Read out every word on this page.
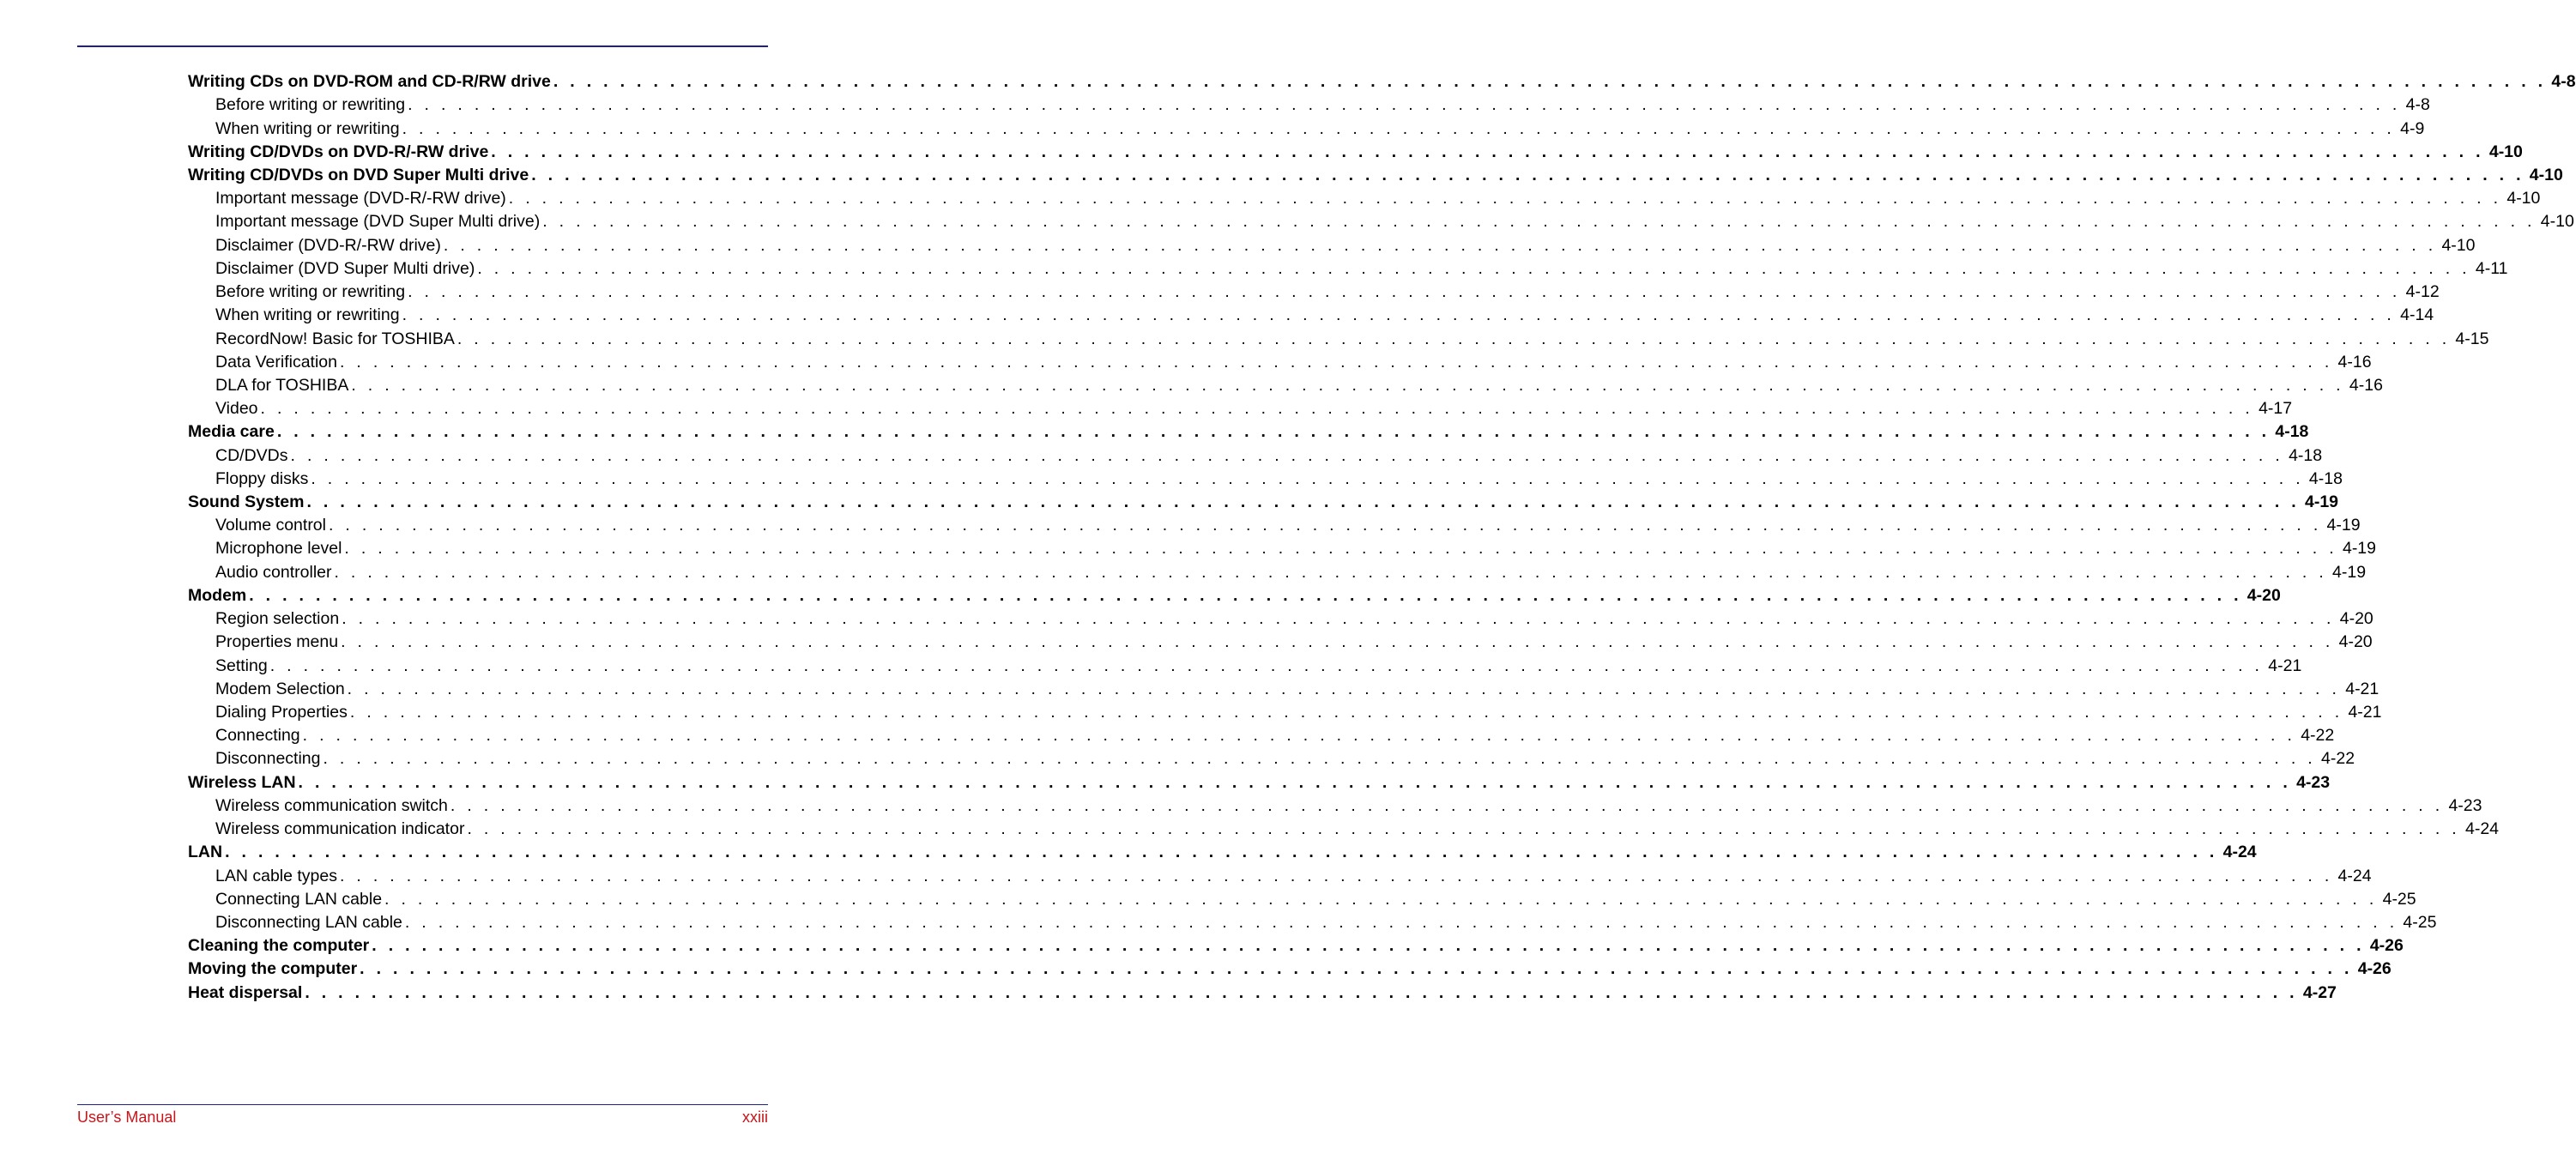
Writing CDs on DVD-ROM and CD-R/RW drive . . . . . . . . . . . . . . . . . . . . . . . . . . . . . . . . . . . . . . . . . . . . . . . . . . . . . . . . . . . . . . . . . . . . . . . . . . . . . . . . . . . . . . . . . . . . . . . . . . . . . . . . . . . . . . . . . . . . . . . . 4-8
Before writing or rewriting . . . . . . . . . . . . . . . . . . . . . . . . . . . . . . . . . . . . . . . . . . . . . . . . . . . . . . . . . . . . . . . . . . . . . . . . . . . . . . . . . . . . . . . . . . . . . . . . . . . . . . . . . . . . . . . . . . . . . . . . 4-8
When writing or rewriting . . . . . . . . . . . . . . . . . . . . . . . . . . . . . . . . . . . . . . . . . . . . . . . . . . . . . . . . . . . . . . . . . . . . . . . . . . . . . . . . . . . . . . . . . . . . . . . . . . . . . . . . . . . . . . . . . . . . . . . . 4-9
Writing CD/DVDs on DVD-R/-RW drive . . . . . . . . . . . . . . . . . . . . . . . . . . . . . . . . . . . . . . . . . . . . . . . . . . . . . . . . . . . . . . . . . . . . . . . . . . . . . . . . . . . . . . . . . . . . . . . . . . . . . . . . . . . . . . . . . . . . . . . . 4-10
Writing CD/DVDs on DVD Super Multi drive . . . . . . . . . . . . . . . . . . . . . . . . . . . . . . . . . . . . . . . . . . . . . . . . . . . . . . . . . . . . . . . . . . . . . . . . . . . . . . . . . . . . . . . . . . . . . . . . . . . . . . . . . . . . . . . . . . . . . . . . 4-10
Important message (DVD-R/-RW drive) . . . . . . . . . . . . . . . . . . . . . . . . . . . . . . . . . . . . . . . . . . . . . . . . . . . . . . . . . . . . . . . . . . . . . . . . . . . . . . . . . . . . . . . . . . . . . . . . . . . . . . . . . . . . . . . . . . . . . . . . 4-10
Important message (DVD Super Multi drive) . . . . . . . . . . . . . . . . . . . . . . . . . . . . . . . . . . . . . . . . . . . . . . . . . . . . . . . . . . . . . . . . . . . . . . . . . . . . . . . . . . . . . . . . . . . . . . . . . . . . . . . . . . . . . . . . . . . . . . . . 4-10
Disclaimer (DVD-R/-RW drive) . . . . . . . . . . . . . . . . . . . . . . . . . . . . . . . . . . . . . . . . . . . . . . . . . . . . . . . . . . . . . . . . . . . . . . . . . . . . . . . . . . . . . . . . . . . . . . . . . . . . . . . . . . . . . . . . . . . . . . . . 4-10
Disclaimer (DVD Super Multi drive) . . . . . . . . . . . . . . . . . . . . . . . . . . . . . . . . . . . . . . . . . . . . . . . . . . . . . . . . . . . . . . . . . . . . . . . . . . . . . . . . . . . . . . . . . . . . . . . . . . . . . . . . . . . . . . . . . . . . . . . . 4-11
Before writing or rewriting . . . . . . . . . . . . . . . . . . . . . . . . . . . . . . . . . . . . . . . . . . . . . . . . . . . . . . . . . . . . . . . . . . . . . . . . . . . . . . . . . . . . . . . . . . . . . . . . . . . . . . . . . . . . . . . . . . . . . . . . 4-12
When writing or rewriting . . . . . . . . . . . . . . . . . . . . . . . . . . . . . . . . . . . . . . . . . . . . . . . . . . . . . . . . . . . . . . . . . . . . . . . . . . . . . . . . . . . . . . . . . . . . . . . . . . . . . . . . . . . . . . . . . . . . . . . . 4-14
RecordNow! Basic for TOSHIBA . . . . . . . . . . . . . . . . . . . . . . . . . . . . . . . . . . . . . . . . . . . . . . . . . . . . . . . . . . . . . . . . . . . . . . . . . . . . . . . . . . . . . . . . . . . . . . . . . . . . . . . . . . . . . . . . . . . . . . . . 4-15
Data Verification . . . . . . . . . . . . . . . . . . . . . . . . . . . . . . . . . . . . . . . . . . . . . . . . . . . . . . . . . . . . . . . . . . . . . . . . . . . . . . . . . . . . . . . . . . . . . . . . . . . . . . . . . . . . . . . . . . . . . . . . 4-16
DLA for TOSHIBA . . . . . . . . . . . . . . . . . . . . . . . . . . . . . . . . . . . . . . . . . . . . . . . . . . . . . . . . . . . . . . . . . . . . . . . . . . . . . . . . . . . . . . . . . . . . . . . . . . . . . . . . . . . . . . . . . . . . . . . . 4-16
Video . . . . . . . . . . . . . . . . . . . . . . . . . . . . . . . . . . . . . . . . . . . . . . . . . . . . . . . . . . . . . . . . . . . . . . . . . . . . . . . . . . . . . . . . . . . . . . . . . . . . . . . . . . . . . . . . . . . . . . . . 4-17
Media care . . . . . . . . . . . . . . . . . . . . . . . . . . . . . . . . . . . . . . . . . . . . . . . . . . . . . . . . . . . . . . . . . . . . . . . . . . . . . . . . . . . . . . . . . . . . . . . . . . . . . . . . . . . . . . . . . . . . . . . . 4-18
CD/DVDs . . . . . . . . . . . . . . . . . . . . . . . . . . . . . . . . . . . . . . . . . . . . . . . . . . . . . . . . . . . . . . . . . . . . . . . . . . . . . . . . . . . . . . . . . . . . . . . . . . . . . . . . . . . . . . . . . . . . . . . . 4-18
Floppy disks . . . . . . . . . . . . . . . . . . . . . . . . . . . . . . . . . . . . . . . . . . . . . . . . . . . . . . . . . . . . . . . . . . . . . . . . . . . . . . . . . . . . . . . . . . . . . . . . . . . . . . . . . . . . . . . . . . . . . . . . 4-18
Sound System . . . . . . . . . . . . . . . . . . . . . . . . . . . . . . . . . . . . . . . . . . . . . . . . . . . . . . . . . . . . . . . . . . . . . . . . . . . . . . . . . . . . . . . . . . . . . . . . . . . . . . . . . . . . . . . . . . . . . . . . 4-19
Volume control . . . . . . . . . . . . . . . . . . . . . . . . . . . . . . . . . . . . . . . . . . . . . . . . . . . . . . . . . . . . . . . . . . . . . . . . . . . . . . . . . . . . . . . . . . . . . . . . . . . . . . . . . . . . . . . . . . . . . . . . 4-19
Microphone level . . . . . . . . . . . . . . . . . . . . . . . . . . . . . . . . . . . . . . . . . . . . . . . . . . . . . . . . . . . . . . . . . . . . . . . . . . . . . . . . . . . . . . . . . . . . . . . . . . . . . . . . . . . . . . . . . . . . . . . . 4-19
Audio controller . . . . . . . . . . . . . . . . . . . . . . . . . . . . . . . . . . . . . . . . . . . . . . . . . . . . . . . . . . . . . . . . . . . . . . . . . . . . . . . . . . . . . . . . . . . . . . . . . . . . . . . . . . . . . . . . . . . . . . . . 4-19
Modem . . . . . . . . . . . . . . . . . . . . . . . . . . . . . . . . . . . . . . . . . . . . . . . . . . . . . . . . . . . . . . . . . . . . . . . . . . . . . . . . . . . . . . . . . . . . . . . . . . . . . . . . . . . . . . . . . . . . . . . . 4-20
Region selection . . . . . . . . . . . . . . . . . . . . . . . . . . . . . . . . . . . . . . . . . . . . . . . . . . . . . . . . . . . . . . . . . . . . . . . . . . . . . . . . . . . . . . . . . . . . . . . . . . . . . . . . . . . . . . . . . . . . . . . . 4-20
Properties menu . . . . . . . . . . . . . . . . . . . . . . . . . . . . . . . . . . . . . . . . . . . . . . . . . . . . . . . . . . . . . . . . . . . . . . . . . . . . . . . . . . . . . . . . . . . . . . . . . . . . . . . . . . . . . . . . . . . . . . . . 4-20
Setting . . . . . . . . . . . . . . . . . . . . . . . . . . . . . . . . . . . . . . . . . . . . . . . . . . . . . . . . . . . . . . . . . . . . . . . . . . . . . . . . . . . . . . . . . . . . . . . . . . . . . . . . . . . . . . . . . . . . . . . . 4-21
Modem Selection . . . . . . . . . . . . . . . . . . . . . . . . . . . . . . . . . . . . . . . . . . . . . . . . . . . . . . . . . . . . . . . . . . . . . . . . . . . . . . . . . . . . . . . . . . . . . . . . . . . . . . . . . . . . . . . . . . . . . . . . 4-21
Dialing Properties . . . . . . . . . . . . . . . . . . . . . . . . . . . . . . . . . . . . . . . . . . . . . . . . . . . . . . . . . . . . . . . . . . . . . . . . . . . . . . . . . . . . . . . . . . . . . . . . . . . . . . . . . . . . . . . . . . . . . . . . 4-21
Connecting . . . . . . . . . . . . . . . . . . . . . . . . . . . . . . . . . . . . . . . . . . . . . . . . . . . . . . . . . . . . . . . . . . . . . . . . . . . . . . . . . . . . . . . . . . . . . . . . . . . . . . . . . . . . . . . . . . . . . . . . 4-22
Disconnecting . . . . . . . . . . . . . . . . . . . . . . . . . . . . . . . . . . . . . . . . . . . . . . . . . . . . . . . . . . . . . . . . . . . . . . . . . . . . . . . . . . . . . . . . . . . . . . . . . . . . . . . . . . . . . . . . . . . . . . . . 4-22
Wireless LAN . . . . . . . . . . . . . . . . . . . . . . . . . . . . . . . . . . . . . . . . . . . . . . . . . . . . . . . . . . . . . . . . . . . . . . . . . . . . . . . . . . . . . . . . . . . . . . . . . . . . . . . . . . . . . . . . . . . . . . . . 4-23
Wireless communication switch . . . . . . . . . . . . . . . . . . . . . . . . . . . . . . . . . . . . . . . . . . . . . . . . . . . . . . . . . . . . . . . . . . . . . . . . . . . . . . . . . . . . . . . . . . . . . . . . . . . . . . . . . . . . . . . . . . . . . . . . 4-23
Wireless communication indicator . . . . . . . . . . . . . . . . . . . . . . . . . . . . . . . . . . . . . . . . . . . . . . . . . . . . . . . . . . . . . . . . . . . . . . . . . . . . . . . . . . . . . . . . . . . . . . . . . . . . . . . . . . . . . . . . . . . . . . . . 4-24
LAN . . . . . . . . . . . . . . . . . . . . . . . . . . . . . . . . . . . . . . . . . . . . . . . . . . . . . . . . . . . . . . . . . . . . . . . . . . . . . . . . . . . . . . . . . . . . . . . . . . . . . . . . . . . . . . . . . . . . . . . . 4-24
LAN cable types . . . . . . . . . . . . . . . . . . . . . . . . . . . . . . . . . . . . . . . . . . . . . . . . . . . . . . . . . . . . . . . . . . . . . . . . . . . . . . . . . . . . . . . . . . . . . . . . . . . . . . . . . . . . . . . . . . . . . . . . 4-24
Connecting LAN cable . . . . . . . . . . . . . . . . . . . . . . . . . . . . . . . . . . . . . . . . . . . . . . . . . . . . . . . . . . . . . . . . . . . . . . . . . . . . . . . . . . . . . . . . . . . . . . . . . . . . . . . . . . . . . . . . . . . . . . . . 4-25
Disconnecting LAN cable . . . . . . . . . . . . . . . . . . . . . . . . . . . . . . . . . . . . . . . . . . . . . . . . . . . . . . . . . . . . . . . . . . . . . . . . . . . . . . . . . . . . . . . . . . . . . . . . . . . . . . . . . . . . . . . . . . . . . . . . 4-25
Cleaning the computer . . . . . . . . . . . . . . . . . . . . . . . . . . . . . . . . . . . . . . . . . . . . . . . . . . . . . . . . . . . . . . . . . . . . . . . . . . . . . . . . . . . . . . . . . . . . . . . . . . . . . . . . . . . . . . . . . . . . . . . . 4-26
Moving the computer . . . . . . . . . . . . . . . . . . . . . . . . . . . . . . . . . . . . . . . . . . . . . . . . . . . . . . . . . . . . . . . . . . . . . . . . . . . . . . . . . . . . . . . . . . . . . . . . . . . . . . . . . . . . . . . . . . . . . . . . 4-26
Heat dispersal . . . . . . . . . . . . . . . . . . . . . . . . . . . . . . . . . . . . . . . . . . . . . . . . . . . . . . . . . . . . . . . . . . . . . . . . . . . . . . . . . . . . . . . . . . . . . . . . . . . . . . . . . . . . . . . . . . . . . . . . 4-27
User’s Manual	xxiii
